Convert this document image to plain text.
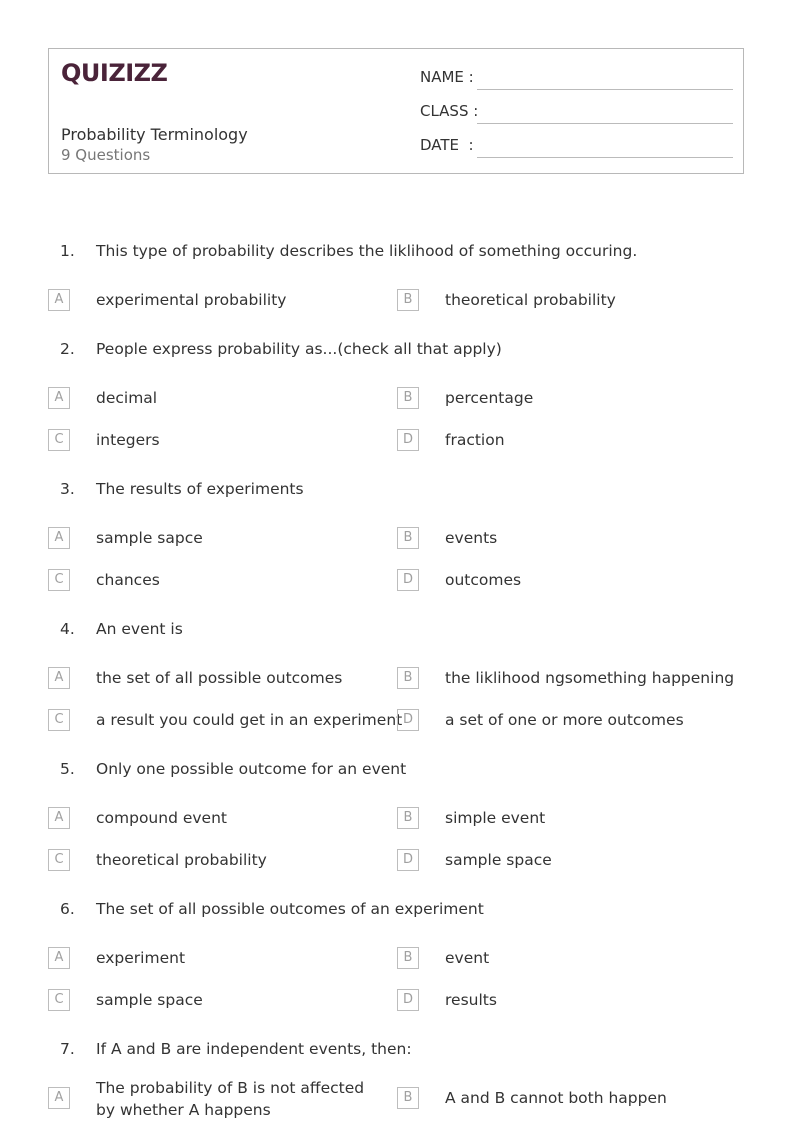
QUIZIZZ
Probability Terminology
9 Questions
NAME :
CLASS :
DATE  :
1. This type of probability describes the liklihood of something occuring.
A	experimental probability	B	theoretical probability
2. People express probability as...(check all that apply)
A	decimal	B	percentage
C	integers	D	fraction
3. The results of experiments
A	sample sapce	B	events
C	chances	D	outcomes
4. An event is
A	the set of all possible outcomes	B	the liklihood ngsomething happening
C	a result you could get in an experiment D	a set of one or more outcomes
5. Only one possible outcome for an event
A	compound event	B	simple event
C	theoretical probability	D	sample space
6. The set of all possible outcomes of an experiment
A	experiment	B	event
C	sample space	D	results
7. If A and B are independent events, then:
A
The probability of B is not affected by whether A happens
B	A and B cannot both happen
